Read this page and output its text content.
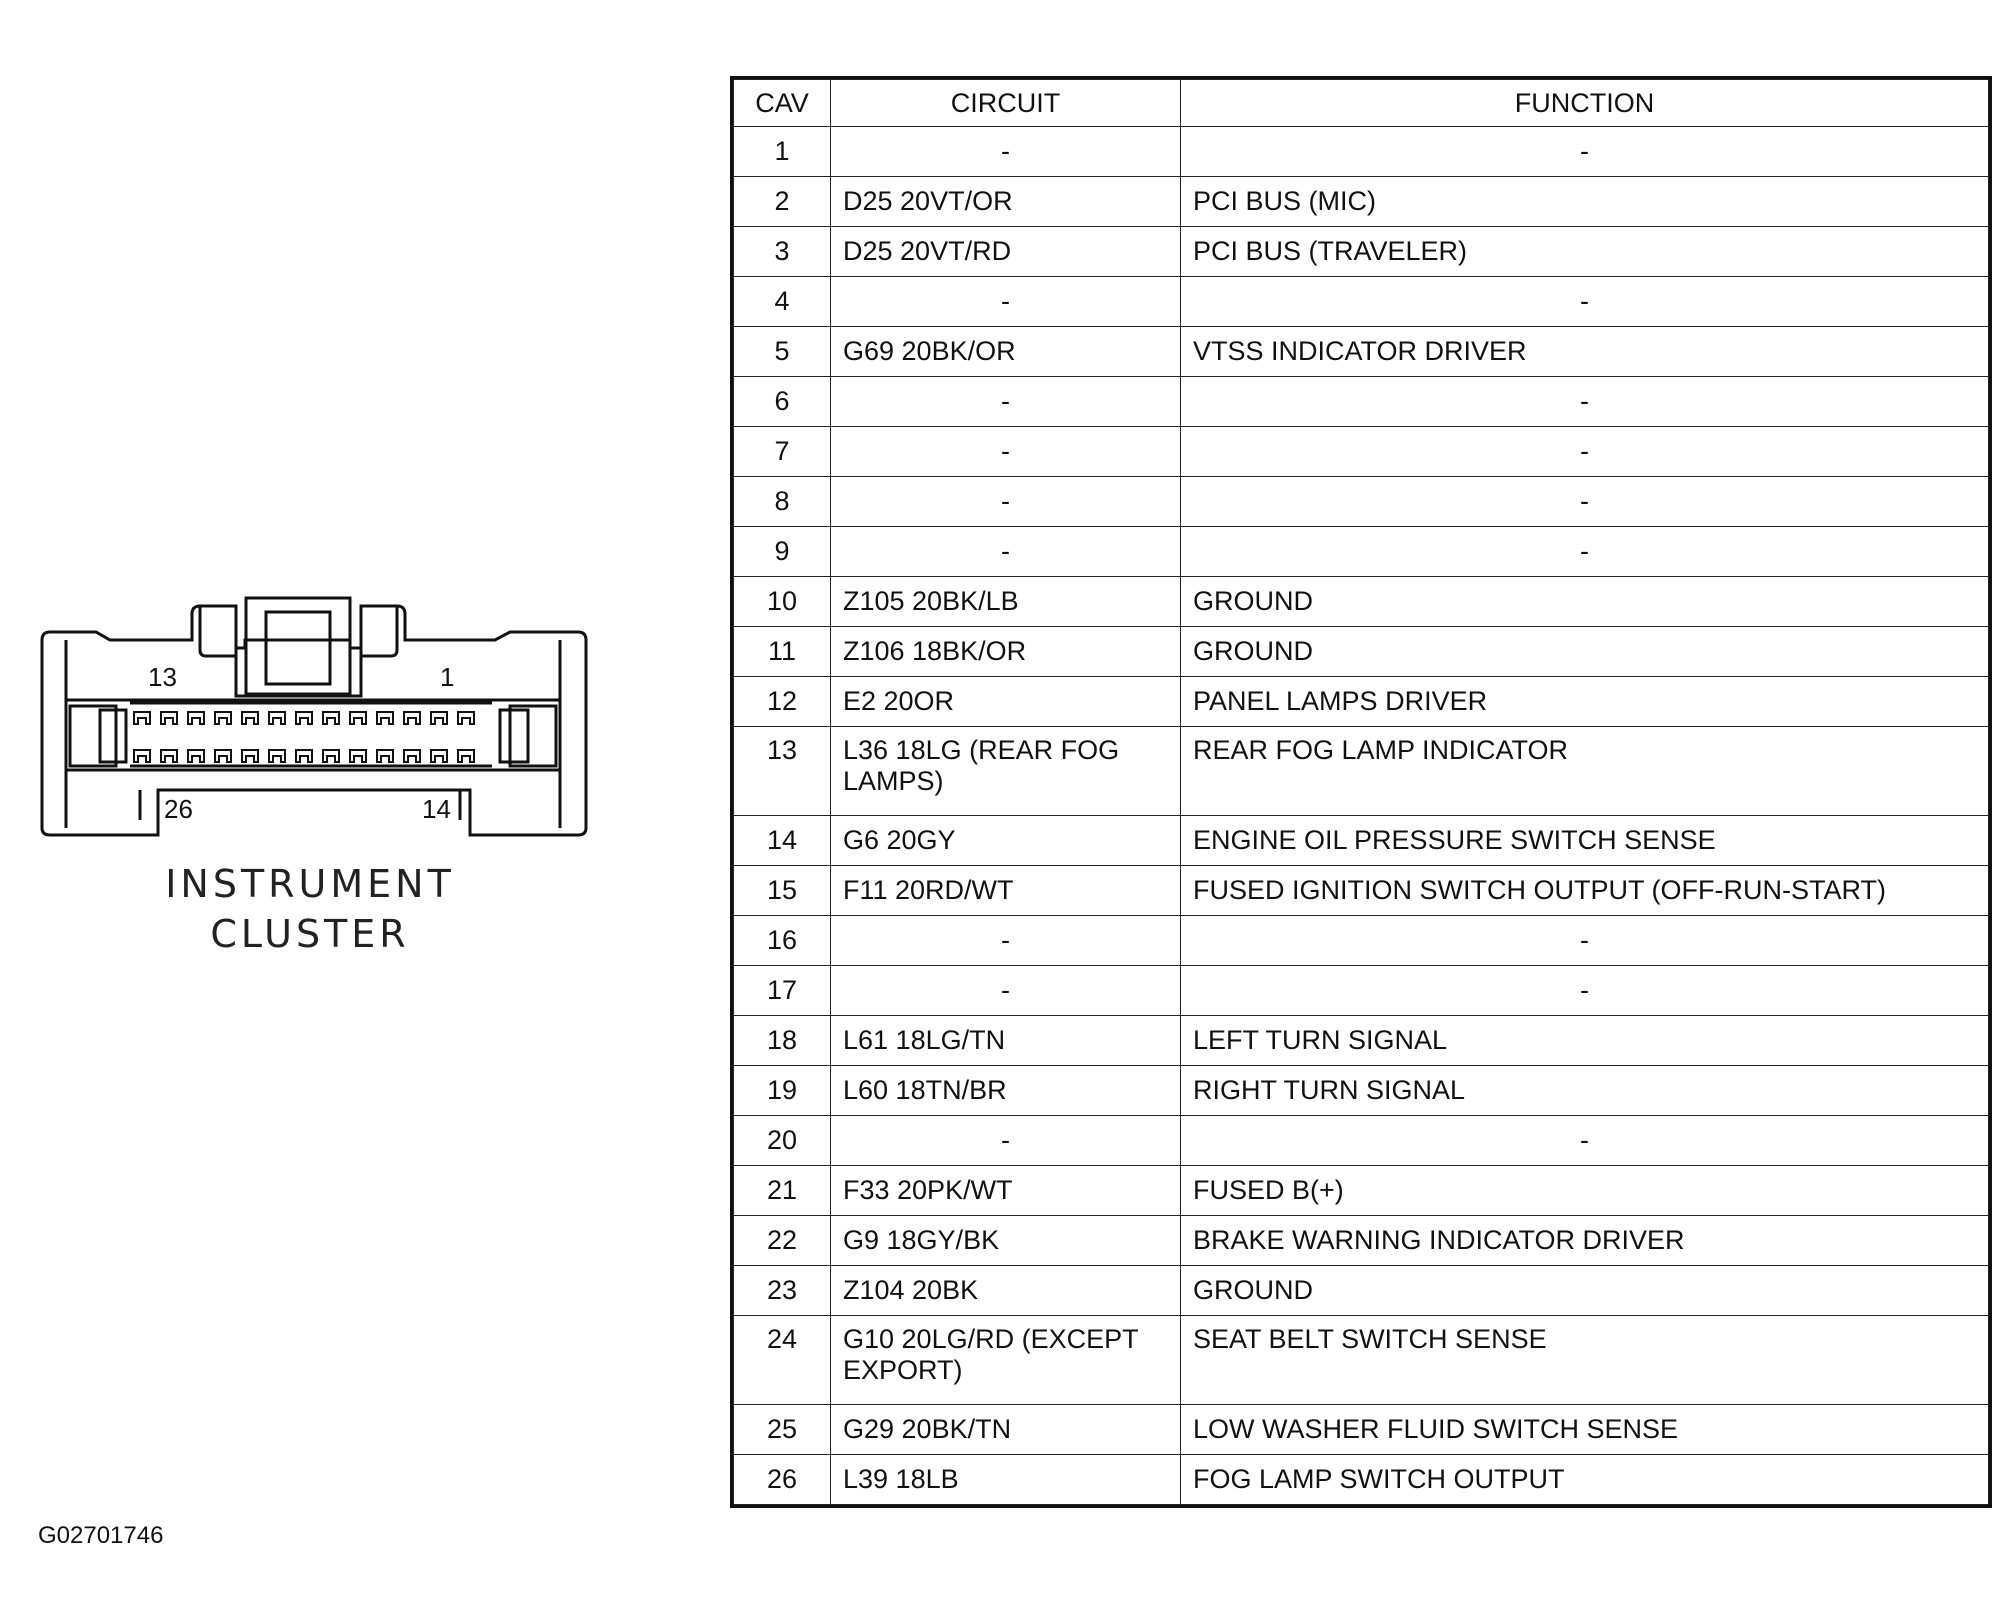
13	1
26	14
INSTRUMENT
CLUSTER
G02701746
CAV	CIRCUIT	FUNCTION
1	-	-
2	D25 20VT/OR	PCI BUS (MIC)
3	D25 20VT/RD	PCI BUS (TRAVELER)
4	-	-
5	G69 20BK/OR	VTSS INDICATOR DRIVER
6	-	-
7	-	-
8	-	-
9	-	-
10	Z105 20BK/LB	GROUND
11	Z106 18BK/OR	GROUND
12	E2 20OR	PANEL LAMPS DRIVER
13	L36 18LG (REAR FOG LAMPS)	REAR FOG LAMP INDICATOR
14	G6 20GY	ENGINE OIL PRESSURE SWITCH SENSE
15	F11 20RD/WT	FUSED IGNITION SWITCH OUTPUT (OFF-RUN-START)
16	-	-
17	-	-
18	L61 18LG/TN	LEFT TURN SIGNAL
19	L60 18TN/BR	RIGHT TURN SIGNAL
20	-	-
21	F33 20PK/WT	FUSED B(+)
22	G9 18GY/BK	BRAKE WARNING INDICATOR DRIVER
23	Z104 20BK	GROUND
24	G10 20LG/RD (EXCEPT EXPORT)	SEAT BELT SWITCH SENSE
25	G29 20BK/TN	LOW WASHER FLUID SWITCH SENSE
26	L39 18LB	FOG LAMP SWITCH OUTPUT
